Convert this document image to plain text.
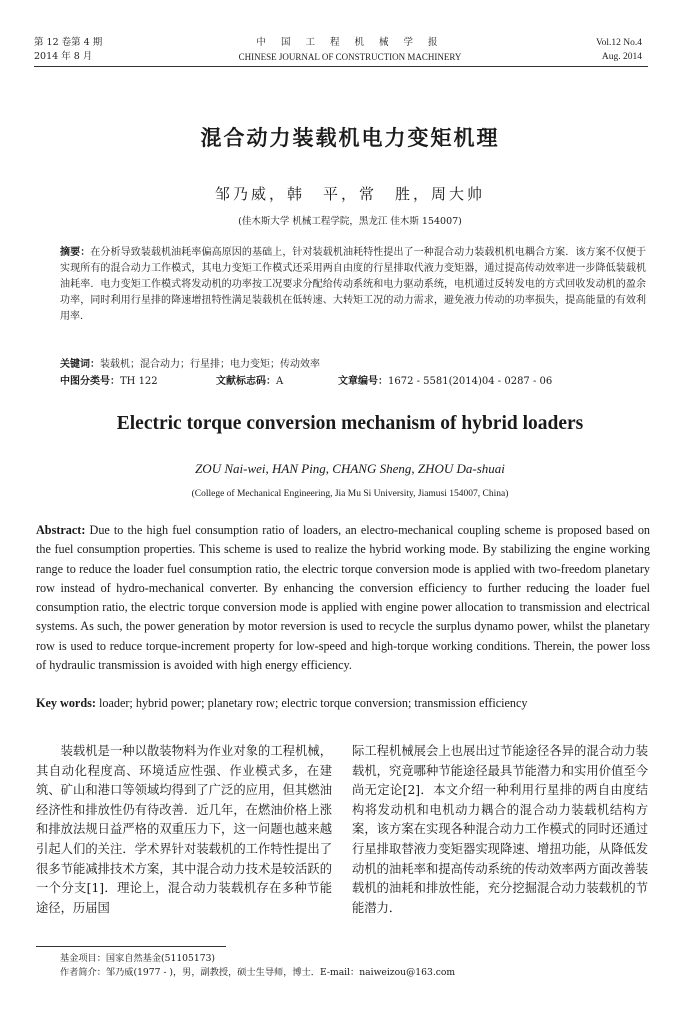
第 12 卷第 4 期
2014 年 8 月
中 国 工 程 机 械 学 报
CHINESE JOURNAL OF CONSTRUCTION MACHINERY
Vol.12 No.4
Aug. 2014
混合动力装载机电力变矩机理
邹乃威，韩　平，常　胜，周大帅
(佳木斯大学 机械工程学院，黑龙江 佳木斯 154007)
摘要：在分析导致装载机油耗率偏高原因的基础上，针对装载机油耗特性提出了一种混合动力装载机机电耦合方案．该方案不仅便于实现所有的混合动力工作模式，其电力变矩工作模式还采用两自由度的行星排取代液力变矩器，通过提高传动效率进一步降低装载机油耗率．电力变矩工作模式将发动机的功率按工况要求分配给传动系统和电力驱动系统，电机通过反转发电的方式回收发动机的盈余功率，同时利用行星排的降速增扭特性满足装载机在低转速、大转矩工况的动力需求，避免液力传动的功率损失，提高能量的有效利用率．
关键词：装载机；混合动力；行星排；电力变矩；传动效率
中图分类号：TH 122	文献标志码：A	文章编号：1672 - 5581(2014)04 - 0287 - 06
Electric torque conversion mechanism of hybrid loaders
ZOU Nai-wei, HAN Ping, CHANG Sheng, ZHOU Da-shuai
(College of Mechanical Engineering, Jia Mu Si University, Jiamusi 154007, China)
Abstract: Due to the high fuel consumption ratio of loaders, an electro-mechanical coupling scheme is proposed based on the fuel consumption properties. This scheme is used to realize the hybrid working mode. By stabilizing the engine working range to reduce the loader fuel consumption ratio, the electric torque conversion mode is applied with two-freedom planetary row instead of hydro-mechanical converter. By enhancing the conversion efficiency to further reducing the loader fuel consumption ratio, the electric torque conversion mode is applied with engine power allocation to transmission and electrical systems. As such, the power generation by motor reversion is used to recycle the surplus dynamo power, whilst the planetary row is used to reduce torque-increment property for low-speed and high-torque working conditions. Therein, the power loss of hydraulic transmission is avoided with high energy efficiency.
Key words: loader; hybrid power; planetary row; electric torque conversion; transmission efficiency
装载机是一种以散装物料为作业对象的工程机械，其自动化程度高、环境适应性强、作业模式多，在建筑、矿山和港口等领域均得到了广泛的应用，但其燃油经济性和排放性仍有待改善．近几年，在燃油价格上涨和排放法规日益严格的双重压力下，这一问题也越来越引起人们的关注．学术界针对装载机的工作特性提出了很多节能减排技术方案，其中混合动力技术是较活跃的一个分支[1]．理论上，混合动力装载机存在多种节能途径，历届国
际工程机械展会上也展出过节能途径各异的混合动力装载机，究竟哪种节能途径最具节能潜力和实用价值至今尚无定论[2]．本文介绍一种利用行星排的两自由度结构将发动机和电机动力耦合的混合动力装载机结构方案，该方案在实现各种混合动力工作模式的同时还通过行星排取替液力变矩器实现降速、增扭功能，从降低发动机的油耗率和提高传动系统的传动效率两方面改善装载机的油耗和排放性能，充分挖掘混合动力装载机的节能潜力．
基金项目：国家自然基金(51105173)
作者简介：邹乃威(1977 - )，男，副教授，硕士生导师，博士．E-mail：naiweizou@163.com
